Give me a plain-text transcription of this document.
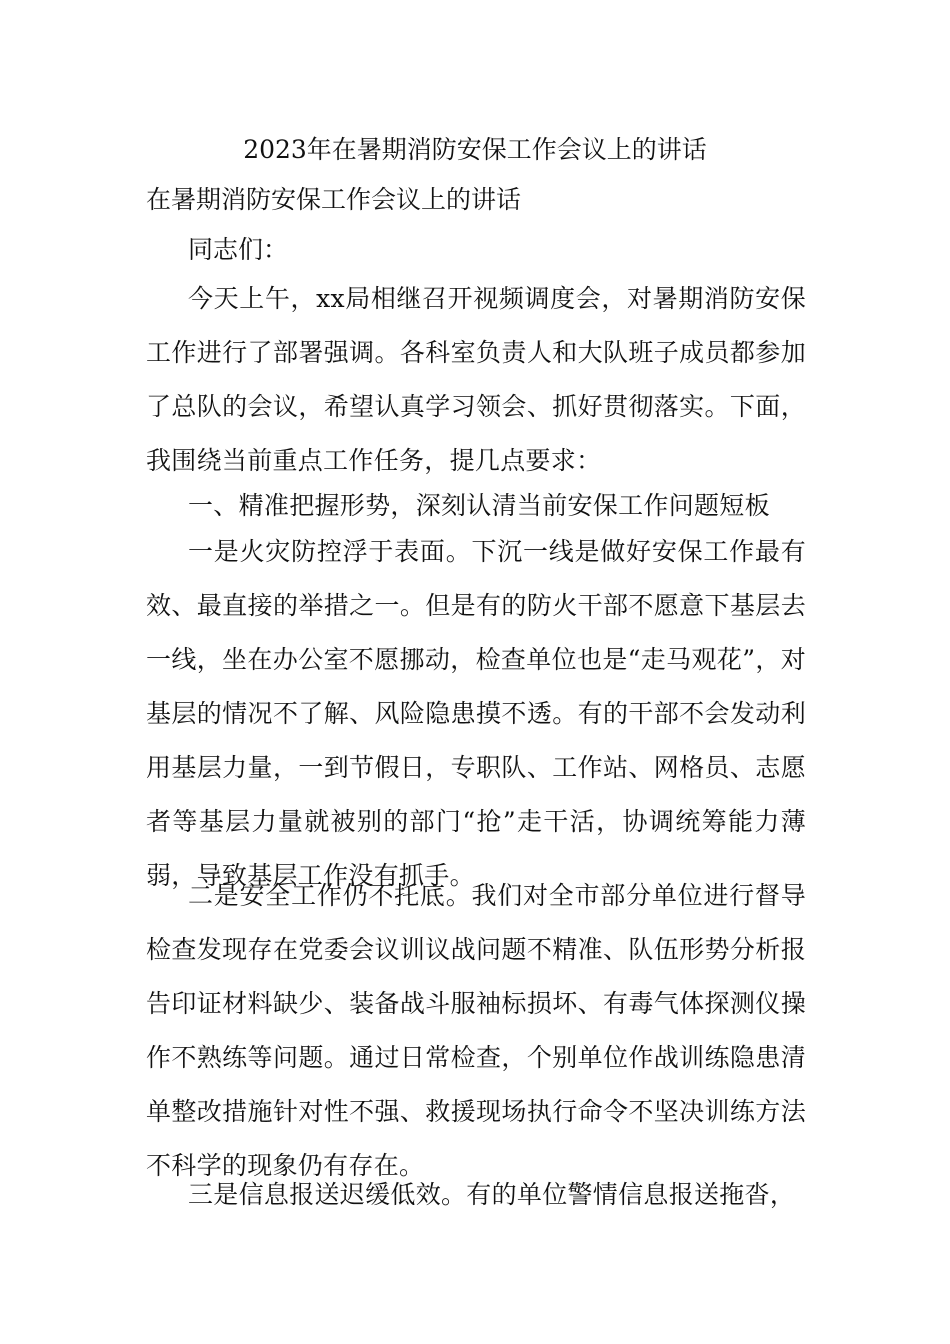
2023年在暑期消防安保工作会议上的讲话

在暑期消防安保工作会议上的讲话

同志们：

今天上午，xx局相继召开视频调度会，对暑期消防安保工作进行了部署强调。各科室负责人和大队班子成员都参加了总队的会议，希望认真学习领会、抓好贯彻落实。下面，我围绕当前重点工作任务，提几点要求：

一、精准把握形势，深刻认清当前安保工作问题短板

一是火灾防控浮于表面。下沉一线是做好安保工作最有效、最直接的举措之一。但是有的防火干部不愿意下基层去一线，坐在办公室不愿挪动，检查单位也是“走马观花”，对基层的情况不了解、风险隐患摸不透。有的干部不会发动利用基层力量，一到节假日，专职队、工作站、网格员、志愿者等基层力量就被别的部门“抢”走干活，协调统筹能力薄弱，导致基层工作没有抓手。

二是安全工作仍不托底。我们对全市部分单位进行督导检查发现存在党委会议训议战问题不精准、队伍形势分析报告印证材料缺少、装备战斗服袖标损坏、有毒气体探测仪操作不熟练等问题。通过日常检查，个别单位作战训练隐患清单整改措施针对性不强、救援现场执行命令不坚决训练方法不科学的现象仍有存在。

三是信息报送迟缓低效。有的单位警情信息报送拖沓，
